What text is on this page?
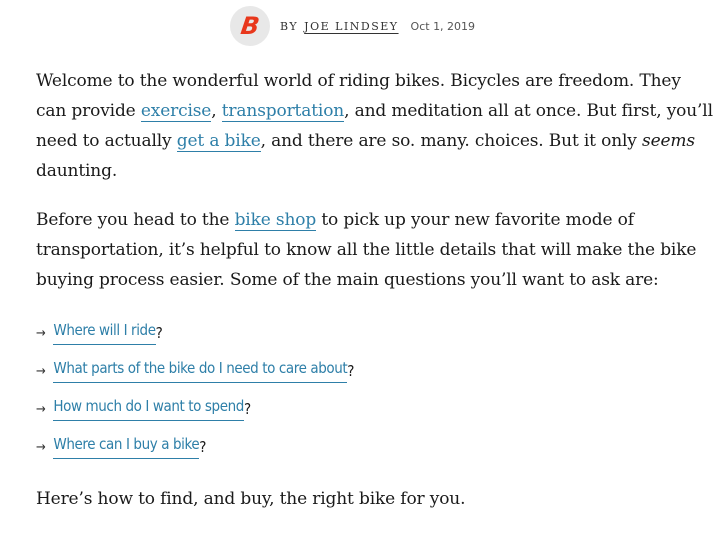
B BY JOE LINDSEY Oct 1, 2019

Welcome to the wonderful world of riding bikes. Bicycles are freedom. They can provide exercise, transportation, and meditation all at once. But first, you’ll need to actually get a bike, and there are so. many. choices. But it only seems daunting.

Before you head to the bike shop to pick up your new favorite mode of transportation, it’s helpful to know all the little details that will make the bike buying process easier. Some of the main questions you’ll want to ask are:

→ Where will I ride ?
→ What parts of the bike do I need to care about ?
→ How much do I want to spend ?
→ Where can I buy a bike ?

Here’s how to find, and buy, the right bike for you.
